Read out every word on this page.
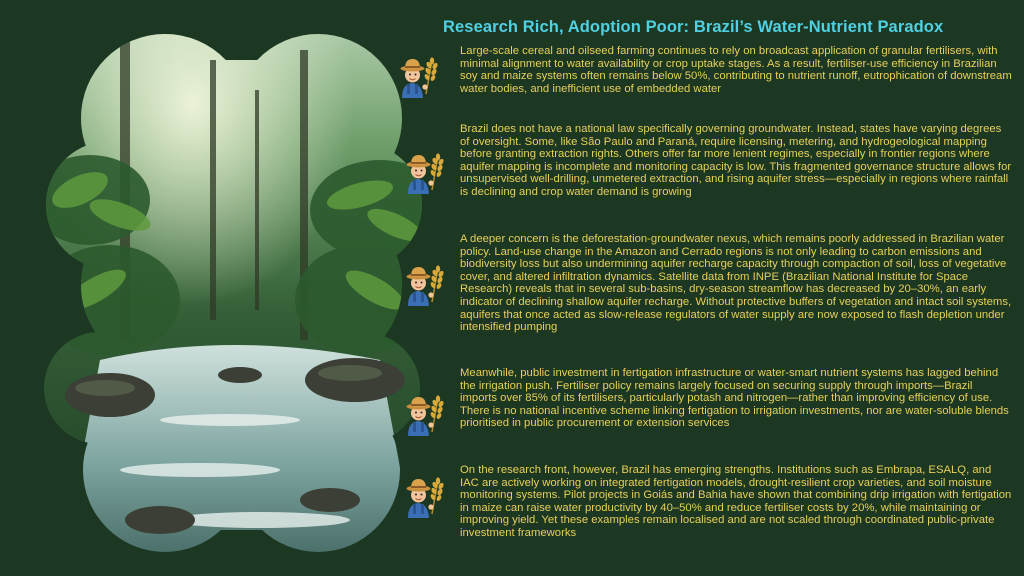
Research Rich, Adoption Poor: Brazil’s Water-Nutrient Paradox
Large-scale cereal and oilseed farming continues to rely on broadcast application of granular fertilisers, with minimal alignment to water availability or crop uptake stages. As a result, fertiliser-use efficiency in Brazilian soy and maize systems often remains below 50%, contributing to nutrient runoff, eutrophication of downstream water bodies, and inefficient use of embedded water
Brazil does not have a national law specifically governing groundwater. Instead, states have varying degrees of oversight. Some, like São Paulo and Paraná, require licensing, metering, and hydrogeological mapping before granting extraction rights. Others offer far more lenient regimes, especially in frontier regions where aquifer mapping is incomplete and monitoring capacity is low. This fragmented governance structure allows for unsupervised well-drilling, unmetered extraction, and rising aquifer stress—especially in regions where rainfall is declining and crop water demand is growing
A deeper concern is the deforestation-groundwater nexus, which remains poorly addressed in Brazilian water policy. Land-use change in the Amazon and Cerrado regions is not only leading to carbon emissions and biodiversity loss but also undermining aquifer recharge capacity through compaction of soil, loss of vegetative cover, and altered infiltration dynamics. Satellite data from INPE (Brazilian National Institute for Space Research) reveals that in several sub-basins, dry-season streamflow has decreased by 20–30%, an early indicator of declining shallow aquifer recharge. Without protective buffers of vegetation and intact soil systems, aquifers that once acted as slow-release regulators of water supply are now exposed to flash depletion under intensified pumping
Meanwhile, public investment in fertigation infrastructure or water-smart nutrient systems has lagged behind the irrigation push. Fertiliser policy remains largely focused on securing supply through imports—Brazil imports over 85% of its fertilisers, particularly potash and nitrogen—rather than improving efficiency of use. There is no national incentive scheme linking fertigation to irrigation investments, nor are water-soluble blends prioritised in public procurement or extension services
On the research front, however, Brazil has emerging strengths. Institutions such as Embrapa, ESALQ, and IAC are actively working on integrated fertigation models, drought-resilient crop varieties, and soil moisture monitoring systems. Pilot projects in Goiás and Bahia have shown that combining drip irrigation with fertigation in maize can raise water productivity by 40–50% and reduce fertiliser costs by 20%, while maintaining or improving yield. Yet these examples remain localised and are not scaled through coordinated public-private investment frameworks
